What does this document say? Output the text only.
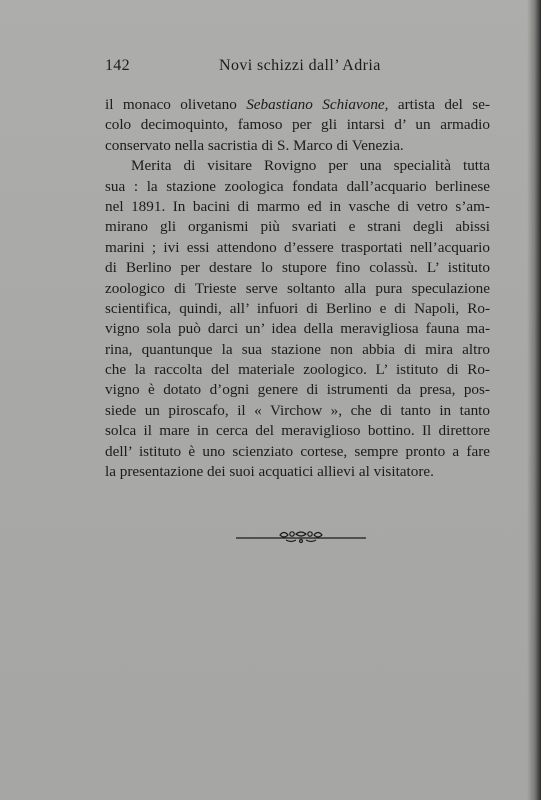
142	Novi schizzi dall’ Adria
il monaco olivetano Sebastiano Schiavone, artista del se-
colo decimoquinto, famoso per gli intarsi d’ un armadio
conservato nella sacristia di S. Marco di Venezia.
Merita di visitare Rovigno per una specialità tutta
sua : la stazione zoologica fondata dall’acquario berlinese
nel 1891. In bacini di marmo ed in vasche di vetro s’am-
mirano gli organismi più svariati e strani degli abissi
marini ; ivi essi attendono d’essere trasportati nell’acquario
di Berlino per destare lo stupore fino colassù. L’ istituto
zoologico di Trieste serve soltanto alla pura speculazione
scientifica, quindi, all’ infuori di Berlino e di Napoli, Ro-
vigno sola può darci un’ idea della meravigliosa fauna ma-
rina, quantunque la sua stazione non abbia di mira altro
che la raccolta del materiale zoologico. L’ istituto di Ro-
vigno è dotato d’ogni genere di istrumenti da presa, pos-
siede un piroscafo, il « Virchow », che di tanto in tanto
solca il mare in cerca del meraviglioso bottino. Il direttore
dell’ istituto è uno scienziato cortese, sempre pronto a fare
la presentazione dei suoi acquatici allievi al visitatore.
